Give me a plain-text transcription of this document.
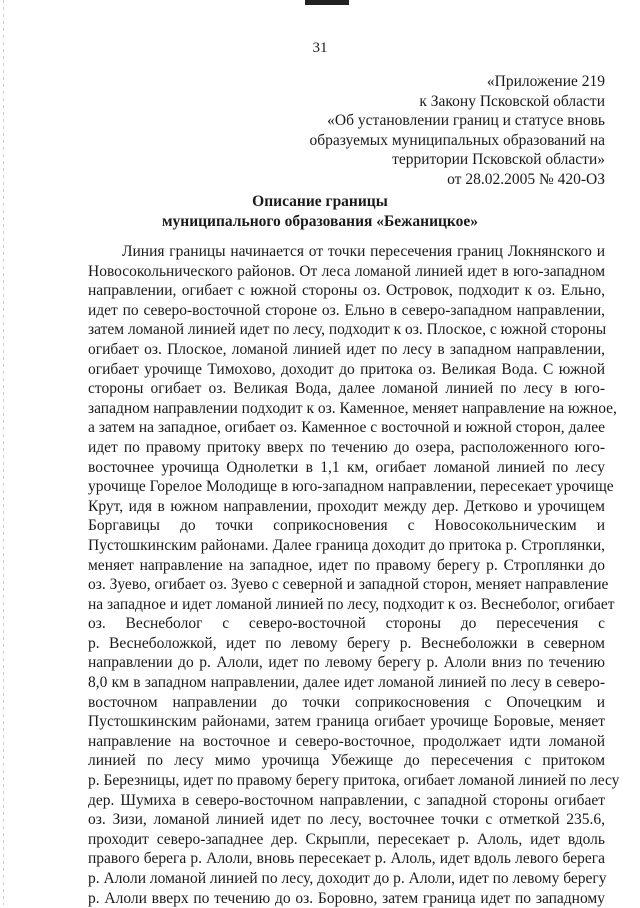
31
«Приложение 219
к Закону Псковской области
«Об установлении границ и статусе вновь
образуемых муниципальных образований на
территории Псковской области»
от 28.02.2005 № 420-ОЗ
Описание границы
муниципального образования «Бежаницкое»
Линия границы начинается от точки пересечения границ Локнянского и
Новосокольнического районов. От леса ломаной линией идет в юго-западном
направлении, огибает с южной стороны оз. Островок, подходит к оз. Ельно,
идет по северо-восточной стороне оз. Ельно в северо-западном направлении,
затем ломаной линией идет по лесу, подходит к оз. Плоское, с южной стороны
огибает оз. Плоское, ломаной линией идет по лесу в западном направлении,
огибает урочище Тимохово, доходит до притока оз. Великая Вода. С южной
стороны огибает оз. Великая Вода, далее ломаной линией по лесу в юго-
западном направлении подходит к оз. Каменное, меняет направление на южное,
а затем на западное, огибает оз. Каменное с восточной и южной сторон, далее
идет по правому притоку вверх по течению до озера, расположенного юго-
восточнее урочища Однолетки в 1,1 км, огибает ломаной линией по лесу
урочище Горелое Молодище в юго-западном направлении, пересекает урочище
Крут, идя в южном направлении, проходит между дер. Детково и урочищем
Боргавицы до точки соприкосновения с Новосокольническим и
Пустошкинским районами. Далее граница доходит до притока р. Строплянки,
меняет направление на западное, идет по правому берегу р. Строплянки до
оз. Зуево, огибает оз. Зуево с северной и западной сторон, меняет направление
на западное и идет ломаной линией по лесу, подходит к оз. Веснеболог, огибает
оз. Веснеболог с северо-восточной стороны до пересечения с
р. Веснеболожкой, идет по левому берегу р. Веснеболожки в северном
направлении до р. Алоли, идет по левому берегу р. Алоли вниз по течению
8,0 км в западном направлении, далее идет ломаной линией по лесу в северо-
восточном направлении до точки соприкосновения с Опочецким и
Пустошкинским районами, затем граница огибает урочище Боровые, меняет
направление на восточное и северо-восточное, продолжает идти ломаной
линией по лесу мимо урочища Убежище до пересечения с притоком
р. Березницы, идет по правому берегу притока, огибает ломаной линией по лесу
дер. Шумиха в северо-восточном направлении, с западной стороны огибает
оз. Зизи, ломаной линией идет по лесу, восточнее точки с отметкой 235.6,
проходит северо-западнее дер. Скрыпли, пересекает р. Алоль, идет вдоль
правого берега р. Алоли, вновь пересекает р. Алоль, идет вдоль левого берега
р. Алоли ломаной линией по лесу, доходит до р. Алоли, идет по левому берегу
р. Алоли вверх по течению до оз. Боровно, затем граница идет по западному
